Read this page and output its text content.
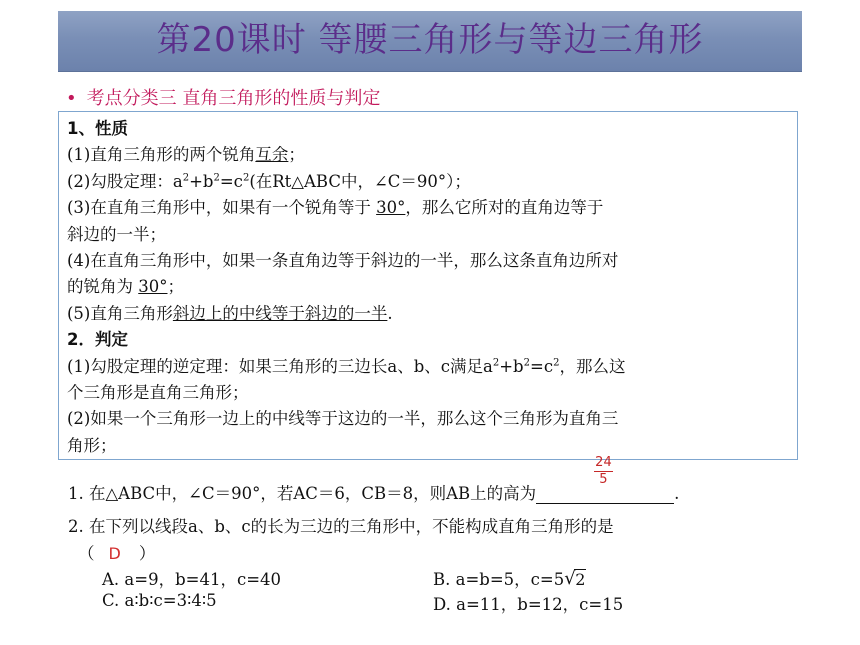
第20课时 等腰三角形与等边三角形
• 考点分类三 直角三角形的性质与判定
1、性质
(1)直角三角形的两个锐角互余；
(2)勾股定理：$a^2+b^2=c^2$(在Rt△ABC中，∠C＝90°）；
(3)在直角三角形中，如果有一个锐角等于 30°，那么它所对的直角边等于
斜边的一半；
(4)在直角三角形中，如果一条直角边等于斜边的一半，那么这条直角边所对
的锐角为 30°；
(5)直角三角形斜边上的中线等于斜边的一半.
2．判定
(1)勾股定理的逆定理：如果三角形的三边长a、b、c满足$a^2+b^2=c^2$，那么这
个三角形是直角三角形；
(2)如果一个三角形一边上的中线等于这边的一半，那么这个三角形为直角三
角形；
1. 在△ABC中，∠C＝90°，若AC＝6，CB＝8，则AB上的高为
$\frac{24}{5}$
.
2. 在下列以线段a、b、c的长为三边的三角形中，不能构成直角三角形的是
（ D ）
A. a=9，b=41，c=40	B. a=b=5，c=5 √ 2
C. a∶b∶c=3∶4∶5	D. a=11，b=12，c=15
